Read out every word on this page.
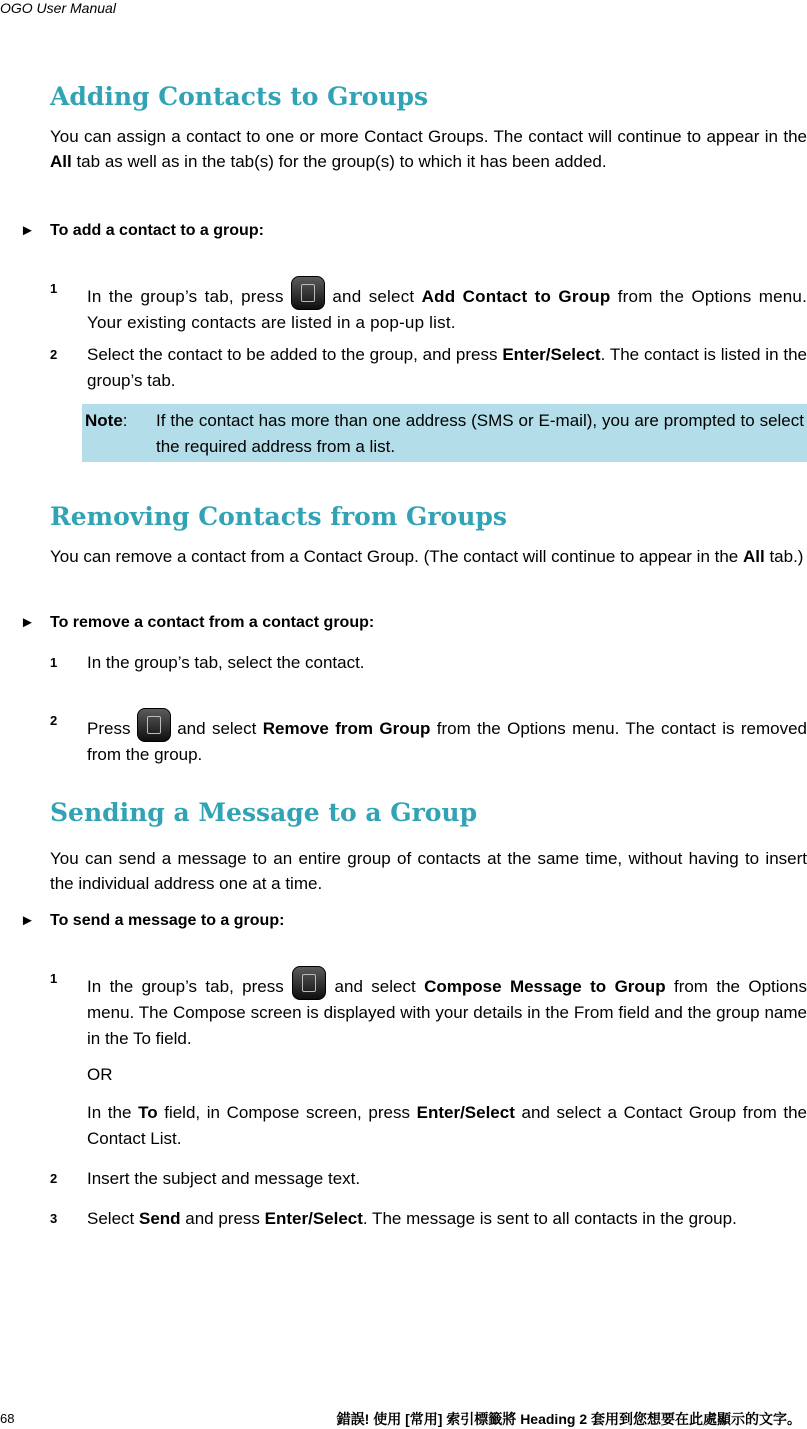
OGO User Manual
Adding Contacts to Groups

You can assign a contact to one or more Contact Groups. The contact will continue to appear in the All tab as well as in the tab(s) for the group(s) to which it has been added.

► To add a contact to a group:
1 In the group’s tab, press	and select Add Contact to Group from the Options menu. Your existing contacts are listed in a pop-up list.

2 Select the contact to be added to the group, and press Enter/Select. The contact is listed in the group’s tab.

Note: If the contact has more than one address (SMS or E-mail), you are prompted to select the required address from a list.

Removing Contacts from Groups

You can remove a contact from a Contact Group. (The contact will continue to appear in the All tab.)

► To remove a contact from a contact group:
1 In the group’s tab, select the contact.

2 Press	and select Remove from Group from the Options menu. The contact is removed from the group.

Sending a Message to a Group

You can send a message to an entire group of contacts at the same time, without having to insert the individual address one at a time.

► To send a message to a group:
1 In the group’s tab, press	and select Compose Message to Group from the Options menu. The Compose screen is displayed with your details in the From field and the group name in the To field.

OR

In the To field, in Compose screen, press Enter/Select and select a Contact Group from the Contact List.

2 Insert the subject and message text.

3 Select Send and press Enter/Select. The message is sent to all contacts in the group.

68	錯誤! 使用 [常用] 索引標籤將 Heading 2 套用到您想要在此處顯示的文字。
